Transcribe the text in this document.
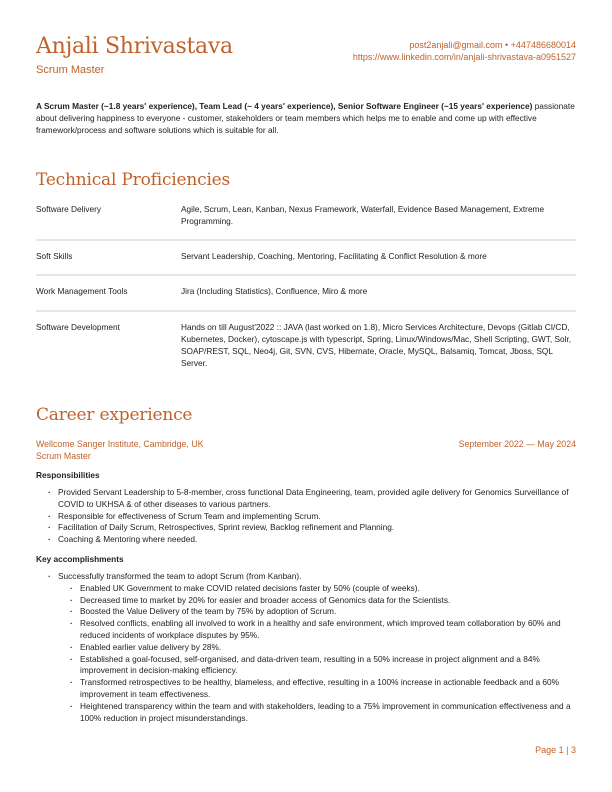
Anjali Shrivastava
Scrum Master
post2anjali@gmail.com • +447486680014
https://www.linkedin.com/in/anjali-shrivastava-a0951527
A Scrum Master (~1.8 years' experience), Team Lead (~ 4 years' experience), Senior Software Engineer (~15 years' experience) passionate about delivering happiness to everyone - customer, stakeholders or team members which helps me to enable and come up with effective framework/process and software solutions which is suitable for all.
Technical Proficiencies
Software Delivery	Agile, Scrum, Lean, Kanban, Nexus Framework, Waterfall, Evidence Based Management, Extreme Programming.
Soft Skills	Servant Leadership, Coaching, Mentoring, Facilitating & Conflict Resolution & more
Work Management Tools	Jira (Including Statistics), Confluence, Miro & more
Software Development	Hands on till August'2022 :: JAVA (last worked on 1.8), Micro Services Architecture, Devops (Gitlab CI/CD, Kubernetes, Docker), cytoscape.js with typescript, Spring, Linux/Windows/Mac, Shell Scripting, GWT, Solr, SOAP/REST, SQL, Neo4j, Git, SVN, CVS, Hibernate, Oracle, MySQL, Balsamiq, Tomcat, Jboss, SQL Server.
Career experience
Wellcome Sanger Institute, Cambridge, UK
Scrum Master
September 2022 — May 2024
Responsibilities
· Provided Servant Leadership to 5-8-member, cross functional Data Engineering, team, provided agile delivery for Genomics Surveillance of COVID to UKHSA & of other diseases to various partners.
· Responsible for effectiveness of Scrum Team and implementing Scrum.
· Facilitation of Daily Scrum, Retrospectives, Sprint review, Backlog refinement and Planning.
· Coaching & Mentoring where needed.
Key accomplishments
· Successfully transformed the team to adopt Scrum (from Kanban).
· Enabled UK Government to make COVID related decisions faster by 50% (couple of weeks).
· Decreased time to market by 20% for easier and broader access of Genomics data for the Scientists.
· Boosted the Value Delivery of the team by 75% by adoption of Scrum.
· Resolved conflicts, enabling all involved to work in a healthy and safe environment, which improved team collaboration by 60% and reduced incidents of workplace disputes by 95%.
· Enabled earlier value delivery by 28%.
· Established a goal-focused, self-organised, and data-driven team, resulting in a 50% increase in project alignment and a 84% improvement in decision-making efficiency.
· Transformed retrospectives to be healthy, blameless, and effective, resulting in a 100% increase in actionable feedback and a 60% improvement in team effectiveness.
· Heightened transparency within the team and with stakeholders, leading to a 75% improvement in communication effectiveness and a 100% reduction in project misunderstandings.
Page 1 | 3
